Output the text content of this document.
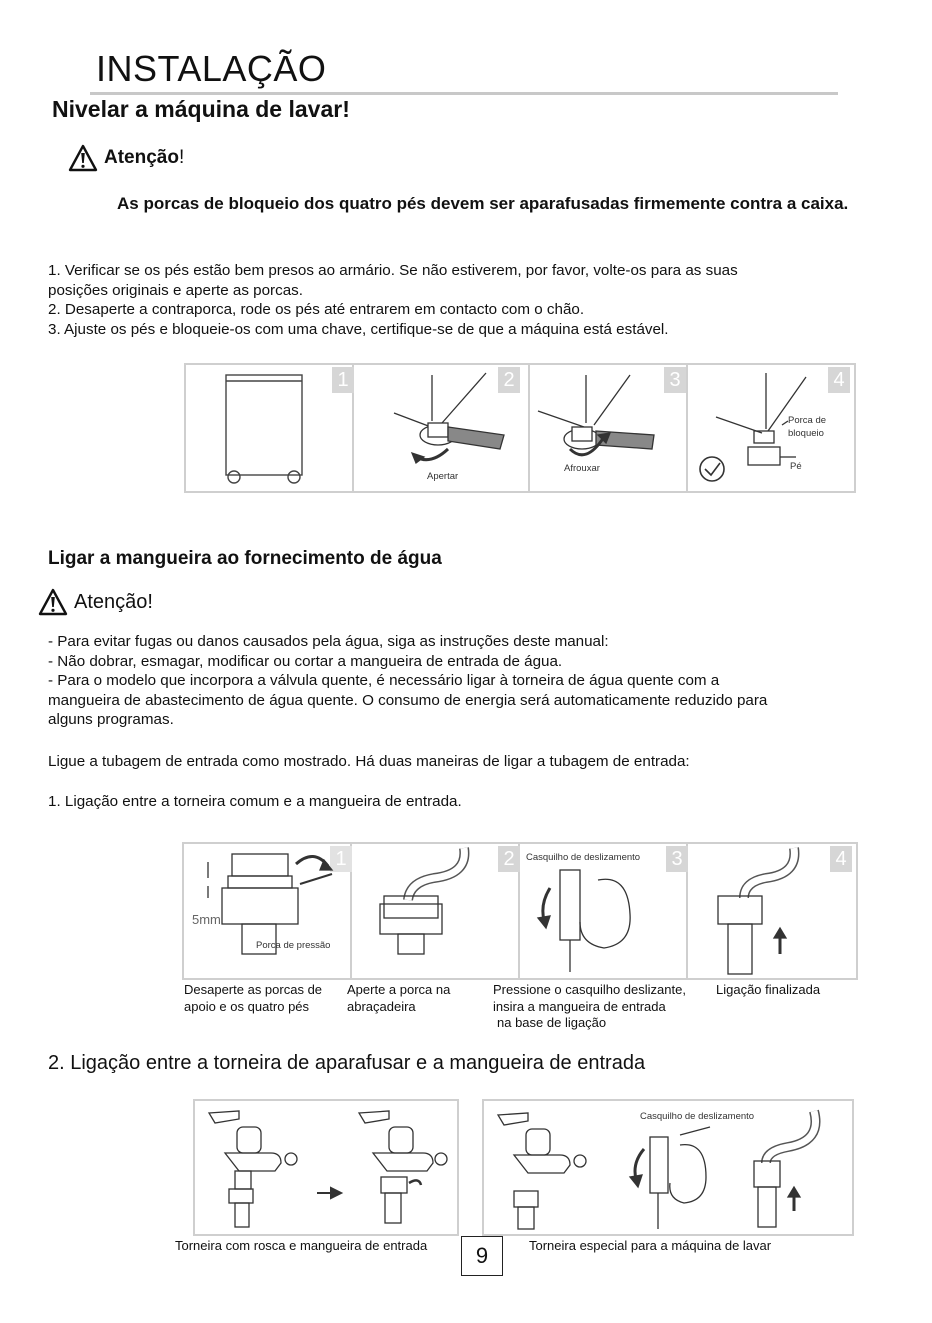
INSTALAÇÃO
Nivelar a máquina de lavar!
Atenção!
As porcas de bloqueio dos quatro pés devem ser aparafusadas firmemente contra a caixa.
1. Verificar se os pés estão bem presos ao armário. Se não estiverem, por favor, volte-os para as suas
posições originais e aperte as porcas.
2. Desaperte a contraporca, rode os pés até entrarem em contacto com o chão.
3. Ajuste os pés e bloqueie-os com uma chave, certifique-se de que a máquina está estável.
1	2	3	4
Apertar
Afrouxar
Porca de
bloqueio
Pé
Ligar a mangueira ao fornecimento de água
Atenção!
- Para evitar fugas ou danos causados pela água, siga as instruções deste manual:
- Não dobrar, esmagar, modificar ou cortar a mangueira de entrada de água.
- Para o modelo que incorpora a válvula quente, é necessário ligar à torneira de água quente com a
mangueira de abastecimento de água quente. O consumo de energia será automaticamente reduzido para
alguns programas.
Ligue a tubagem de entrada como mostrado. Há duas maneiras de ligar a tubagem de entrada:
1. Ligação entre a torneira comum e a mangueira de entrada.
1	2	3	4
5mm
Porca de pressão
Casquilho de deslizamento
Desaperte as porcas de
apoio e os quatro pés
Aperte a porca na
abraçadeira
Pressione o casquilho deslizante,
insira a mangueira de entrada
na base de ligação
Ligação finalizada
2. Ligação entre a torneira de aparafusar e a mangueira de entrada
Casquilho de deslizamento
Torneira com rosca e mangueira de entrada	Torneira especial para a máquina de lavar
9
